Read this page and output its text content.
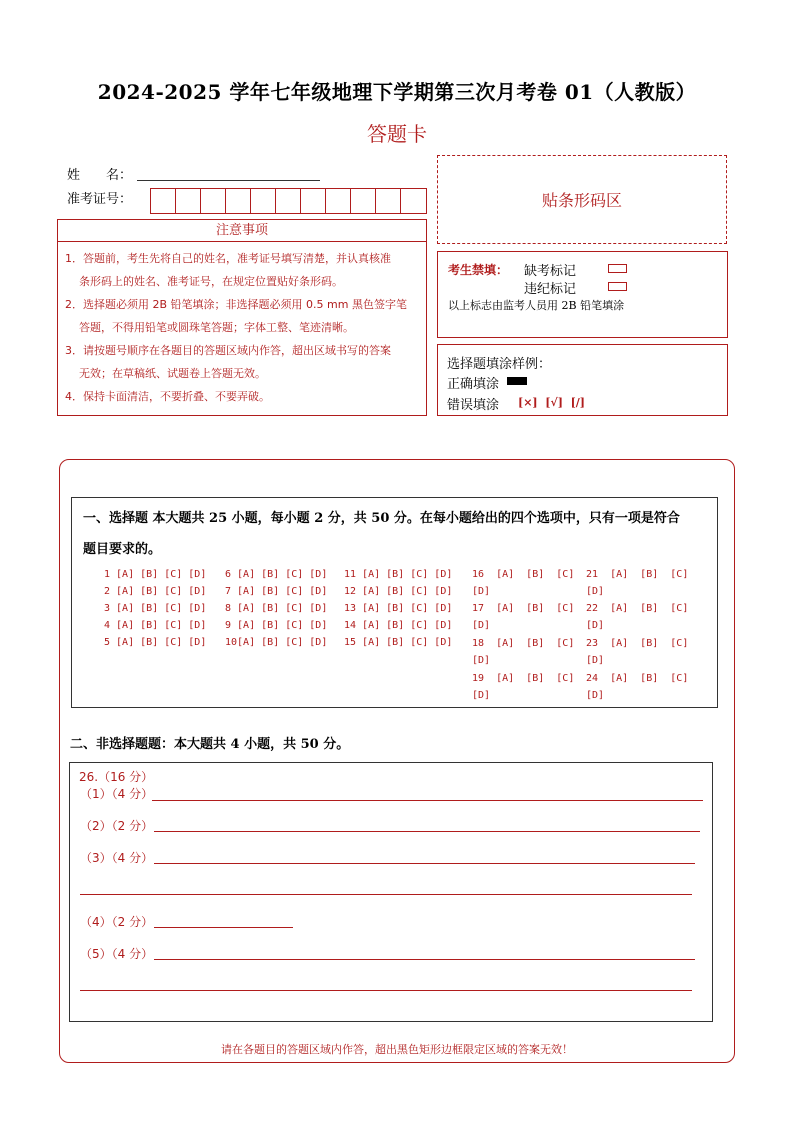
2024-2025 学年七年级地理下学期第三次月考卷 01（人教版）
答题卡
姓　　名：
准考证号：	贴条形码区
注意事项

1．答题前，考生先将自己的姓名，准考证号填写清楚，并认真核准

条形码上的姓名、准考证号，在规定位置贴好条形码。

2．选择题必须用 2B 铅笔填涂；非选择题必须用 0.5 mm 黑色签字笔

答题，不得用铅笔或圆珠笔答题；字体工整、笔迹清晰。

3．请按题号顺序在各题目的答题区域内作答，超出区域书写的答案

无效；在草稿纸、试题卷上答题无效。

4．保持卡面清洁，不要折叠、不要弄破。

考生禁填： 缺考标记
违纪标记
以上标志由监考人员用 2B 铅笔填涂
选择题填涂样例：
正确填涂
错误填涂 [×]  [√]  [/]
一、选择题 本大题共 25 小题，每小题 2 分，共 50 分。在每小题给出的四个选项中，只有一项是符合
题目要求的。
1 [A] [B] [C] [D]
2 [A] [B] [C] [D]
3 [A] [B] [C] [D]
4 [A] [B] [C] [D]
5 [A] [B] [C] [D]
6 [A] [B] [C] [D]
7 [A] [B] [C] [D]
8 [A] [B] [C] [D]
9 [A] [B] [C] [D]
10[A] [B] [C] [D]
11 [A] [B] [C] [D]
12 [A] [B] [C] [D]
13 [A] [B] [C] [D]
14 [A] [B] [C] [D]
15 [A] [B] [C] [D]
16  [A]  [B]  [C]
[D]
17  [A]  [B]  [C]
[D]
18  [A]  [B]  [C]
[D]
19  [A]  [B]  [C]
[D]
21  [A]  [B]  [C]
[D]
22  [A]  [B]  [C]
[D]
23  [A]  [B]  [C]
[D]
24  [A]  [B]  [C]
[D]
二、非选择题题：本大题共 4 小题，共 50 分。
26.（16 分）
（1）（4 分）
（2）（2 分）
（3）（4 分）
（4）（2 分）
（5）（4 分）
请在各题目的答题区域内作答，超出黑色矩形边框限定区域的答案无效！
